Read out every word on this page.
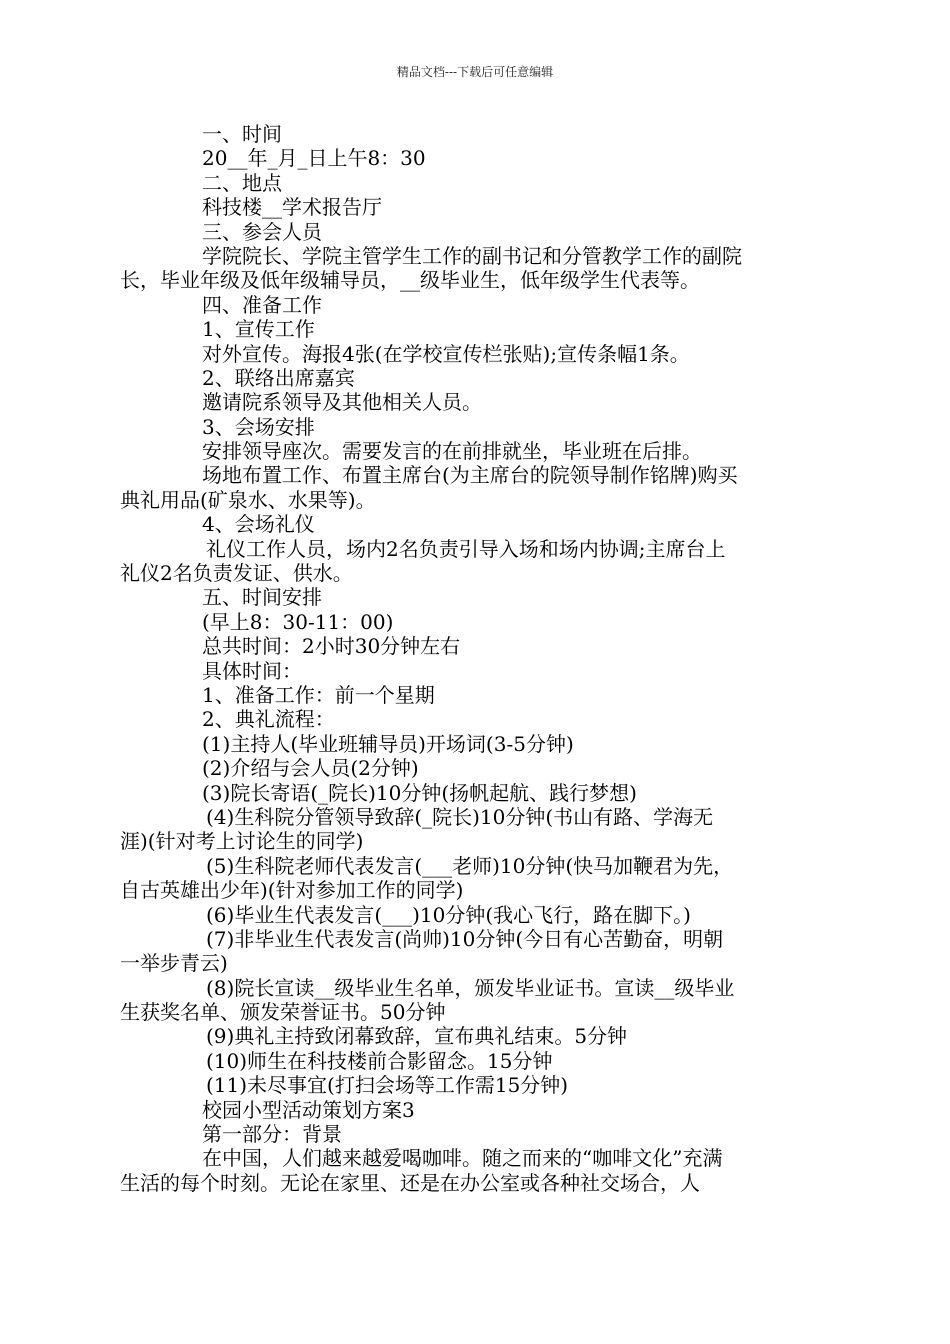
精品文档---下载后可任意编辑
一、时间
20__年_月_日上午8：30
二、地点
科技楼__学术报告厅
三、参会人员
学院院长、学院主管学生工作的副书记和分管教学工作的副院
长，毕业年级及低年级辅导员，__级毕业生，低年级学生代表等。
四、准备工作
1、宣传工作
对外宣传。海报4张(在学校宣传栏张贴);宣传条幅1条。
2、联络出席嘉宾
邀请院系领导及其他相关人员。
3、会场安排
安排领导座次。需要发言的在前排就坐，毕业班在后排。
场地布置工作、布置主席台(为主席台的院领导制作铭牌)购买
典礼用品(矿泉水、水果等)。
4、会场礼仪
礼仪工作人员，场内2名负责引导入场和场内协调;主席台上
礼仪2名负责发证、供水。
五、时间安排
(早上8：30-11：00)
总共时间：2小时30分钟左右
具体时间：
1、准备工作：前一个星期
2、典礼流程：
(1)主持人(毕业班辅导员)开场词(3-5分钟)
(2)介绍与会人员(2分钟)
(3)院长寄语(_院长)10分钟(扬帆起航、践行梦想)
(4)生科院分管领导致辞(_院长)10分钟(书山有路、学海无
涯)(针对考上讨论生的同学)
(5)生科院老师代表发言(___老师)10分钟(快马加鞭君为先，
自古英雄出少年)(针对参加工作的同学)
(6)毕业生代表发言(___)10分钟(我心飞行，路在脚下。)
(7)非毕业生代表发言(尚帅)10分钟(今日有心苦勤奋，明朝
一举步青云)
(8)院长宣读__级毕业生名单，颁发毕业证书。宣读__级毕业
生获奖名单、颁发荣誉证书。50分钟
(9)典礼主持致闭幕致辞，宣布典礼结束。5分钟
(10)师生在科技楼前合影留念。15分钟
(11)未尽事宜(打扫会场等工作需15分钟)
校园小型活动策划方案3
第一部分：背景
在中国，人们越来越爱喝咖啡。随之而来的“咖啡文化”充满
生活的每个时刻。无论在家里、还是在办公室或各种社交场合，人
